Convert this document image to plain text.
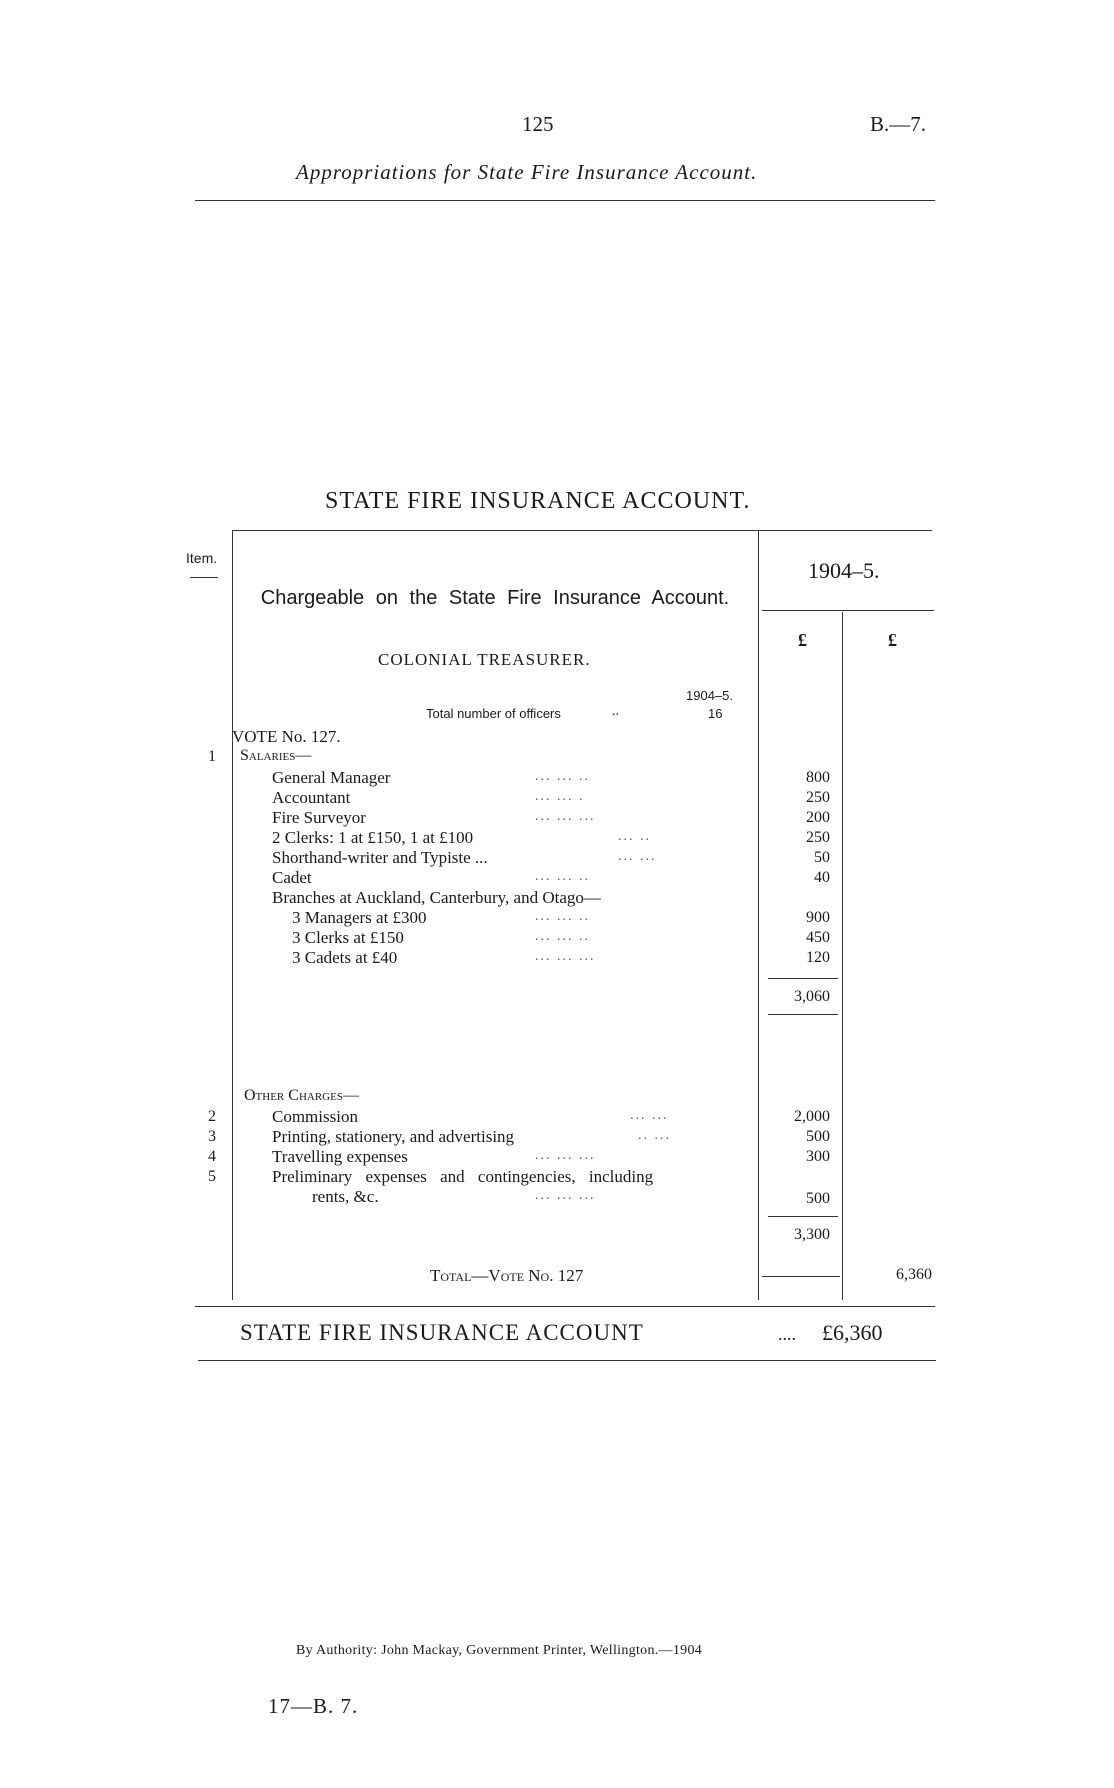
125	B.—7.
Appropriations for State Fire Insurance Account.
STATE FIRE INSURANCE ACCOUNT.
Item.	1904–5.
£	£
Chargeable on the State Fire Insurance Account.
COLONIAL TREASURER.
1904–5.
Total number of officers	..	16
VOTE No. 127.
1	Salaries—
General Manager	... ... ..	800
Accountant	... ... .	250
Fire Surveyor	... ... ...	200
2 Clerks: 1 at £150, 1 at £100	... ..	250
Shorthand-writer and Typiste ...	... ...	50
Cadet	... ... ..	40
Branches at Auckland, Canterbury, and Otago—
3 Managers at £300	... ... ..	900
3 Clerks at £150	... ... ..	450
3 Cadets at £40	... ... ...	120
3,060
Other Charges—
2	Commission	... ...	2,000
3	Printing, stationery, and advertising	.. ...	500
4	Travelling expenses	... ... ...	300
5	Preliminary expenses and contingencies, including
rents, &c.	... ... ...	500
3,300
Total—Vote No. 127	6,360
STATE FIRE INSURANCE ACCOUNT	.... £6,360
By Authority: John Mackay, Government Printer, Wellington.—1904
17—B. 7.
